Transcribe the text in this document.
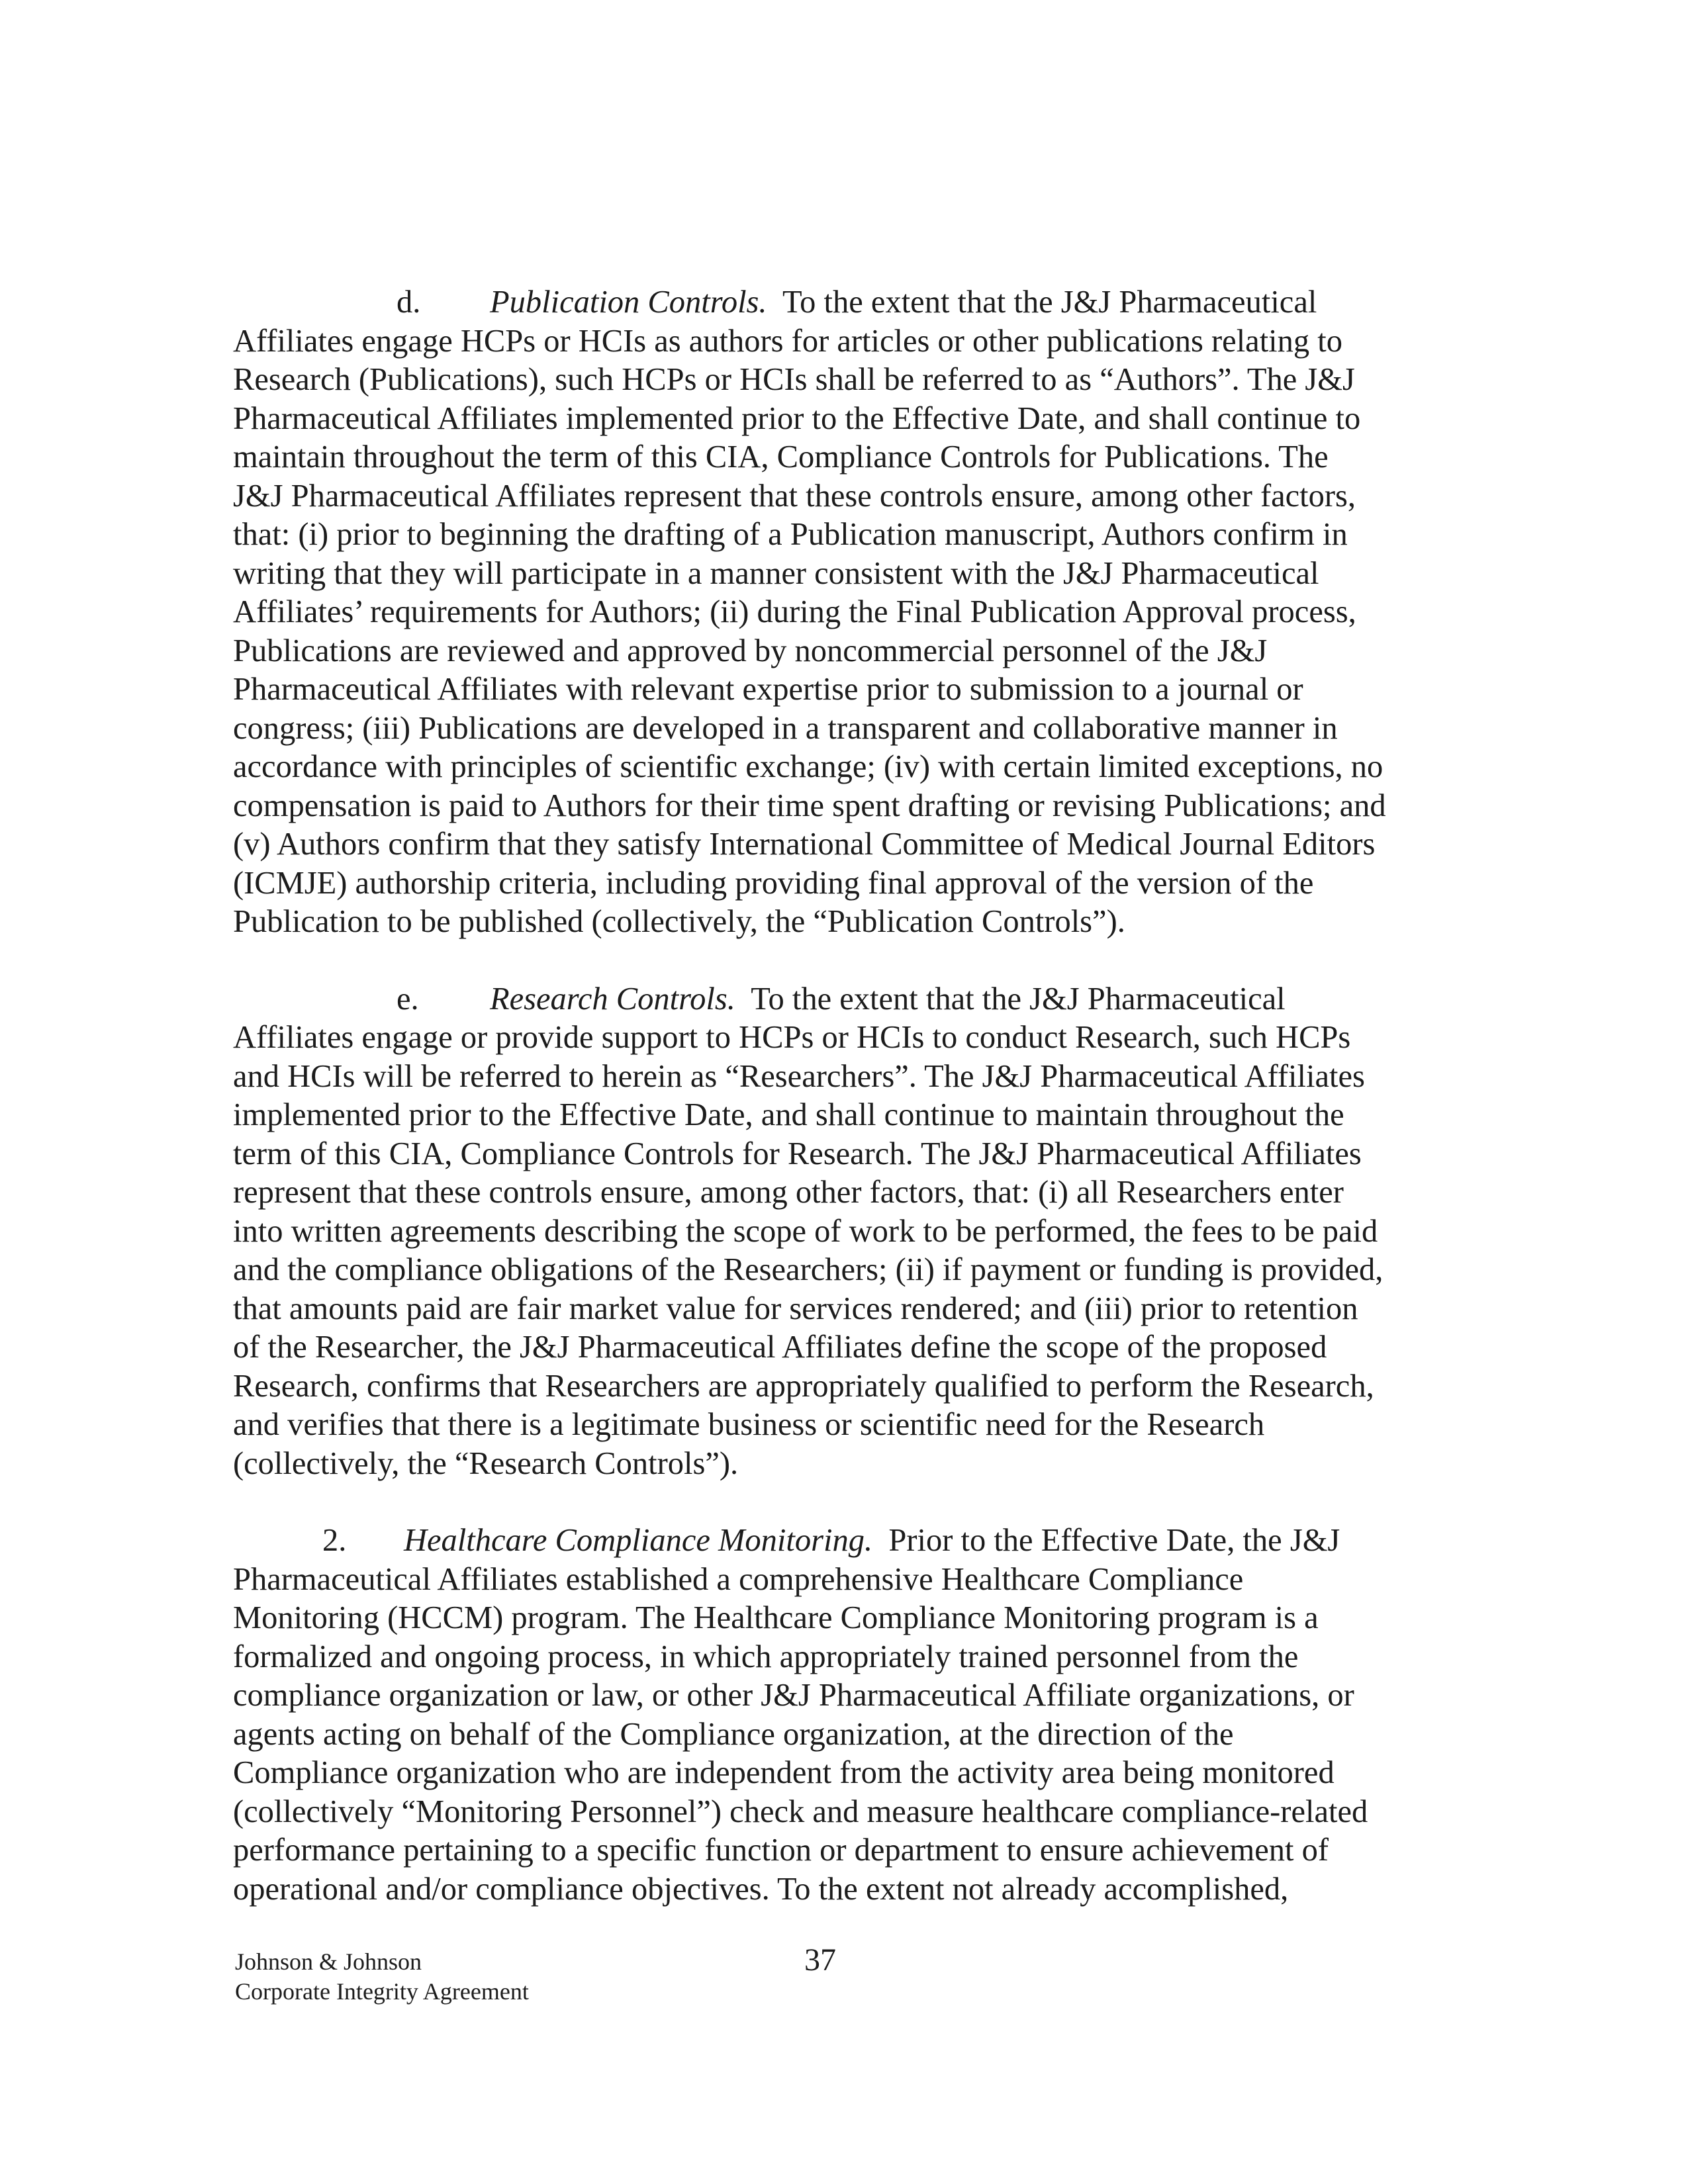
d. Publication Controls. To the extent that the J&J Pharmaceutical
Affiliates engage HCPs or HCIs as authors for articles or other publications relating to
Research (Publications), such HCPs or HCIs shall be referred to as “Authors”. The J&J
Pharmaceutical Affiliates implemented prior to the Effective Date, and shall continue to
maintain throughout the term of this CIA, Compliance Controls for Publications. The
J&J Pharmaceutical Affiliates represent that these controls ensure, among other factors,
that: (i) prior to beginning the drafting of a Publication manuscript, Authors confirm in
writing that they will participate in a manner consistent with the J&J Pharmaceutical
Affiliates’ requirements for Authors; (ii) during the Final Publication Approval process,
Publications are reviewed and approved by noncommercial personnel of the J&J
Pharmaceutical Affiliates with relevant expertise prior to submission to a journal or
congress; (iii) Publications are developed in a transparent and collaborative manner in
accordance with principles of scientific exchange; (iv) with certain limited exceptions, no
compensation is paid to Authors for their time spent drafting or revising Publications; and
(v) Authors confirm that they satisfy International Committee of Medical Journal Editors
(ICMJE) authorship criteria, including providing final approval of the version of the
Publication to be published (collectively, the “Publication Controls”).

e. Research Controls. To the extent that the J&J Pharmaceutical
Affiliates engage or provide support to HCPs or HCIs to conduct Research, such HCPs
and HCIs will be referred to herein as “Researchers”. The J&J Pharmaceutical Affiliates
implemented prior to the Effective Date, and shall continue to maintain throughout the
term of this CIA, Compliance Controls for Research. The J&J Pharmaceutical Affiliates
represent that these controls ensure, among other factors, that: (i) all Researchers enter
into written agreements describing the scope of work to be performed, the fees to be paid
and the compliance obligations of the Researchers; (ii) if payment or funding is provided,
that amounts paid are fair market value for services rendered; and (iii) prior to retention
of the Researcher, the J&J Pharmaceutical Affiliates define the scope of the proposed
Research, confirms that Researchers are appropriately qualified to perform the Research,
and verifies that there is a legitimate business or scientific need for the Research
(collectively, the “Research Controls”).

2. Healthcare Compliance Monitoring. Prior to the Effective Date, the J&J
Pharmaceutical Affiliates established a comprehensive Healthcare Compliance
Monitoring (HCCM) program. The Healthcare Compliance Monitoring program is a
formalized and ongoing process, in which appropriately trained personnel from the
compliance organization or law, or other J&J Pharmaceutical Affiliate organizations, or
agents acting on behalf of the Compliance organization, at the direction of the
Compliance organization who are independent from the activity area being monitored
(collectively “Monitoring Personnel”) check and measure healthcare compliance-related
performance pertaining to a specific function or department to ensure achievement of
operational and/or compliance objectives. To the extent not already accomplished,

Johnson & Johnson
Corporate Integrity Agreement
37
